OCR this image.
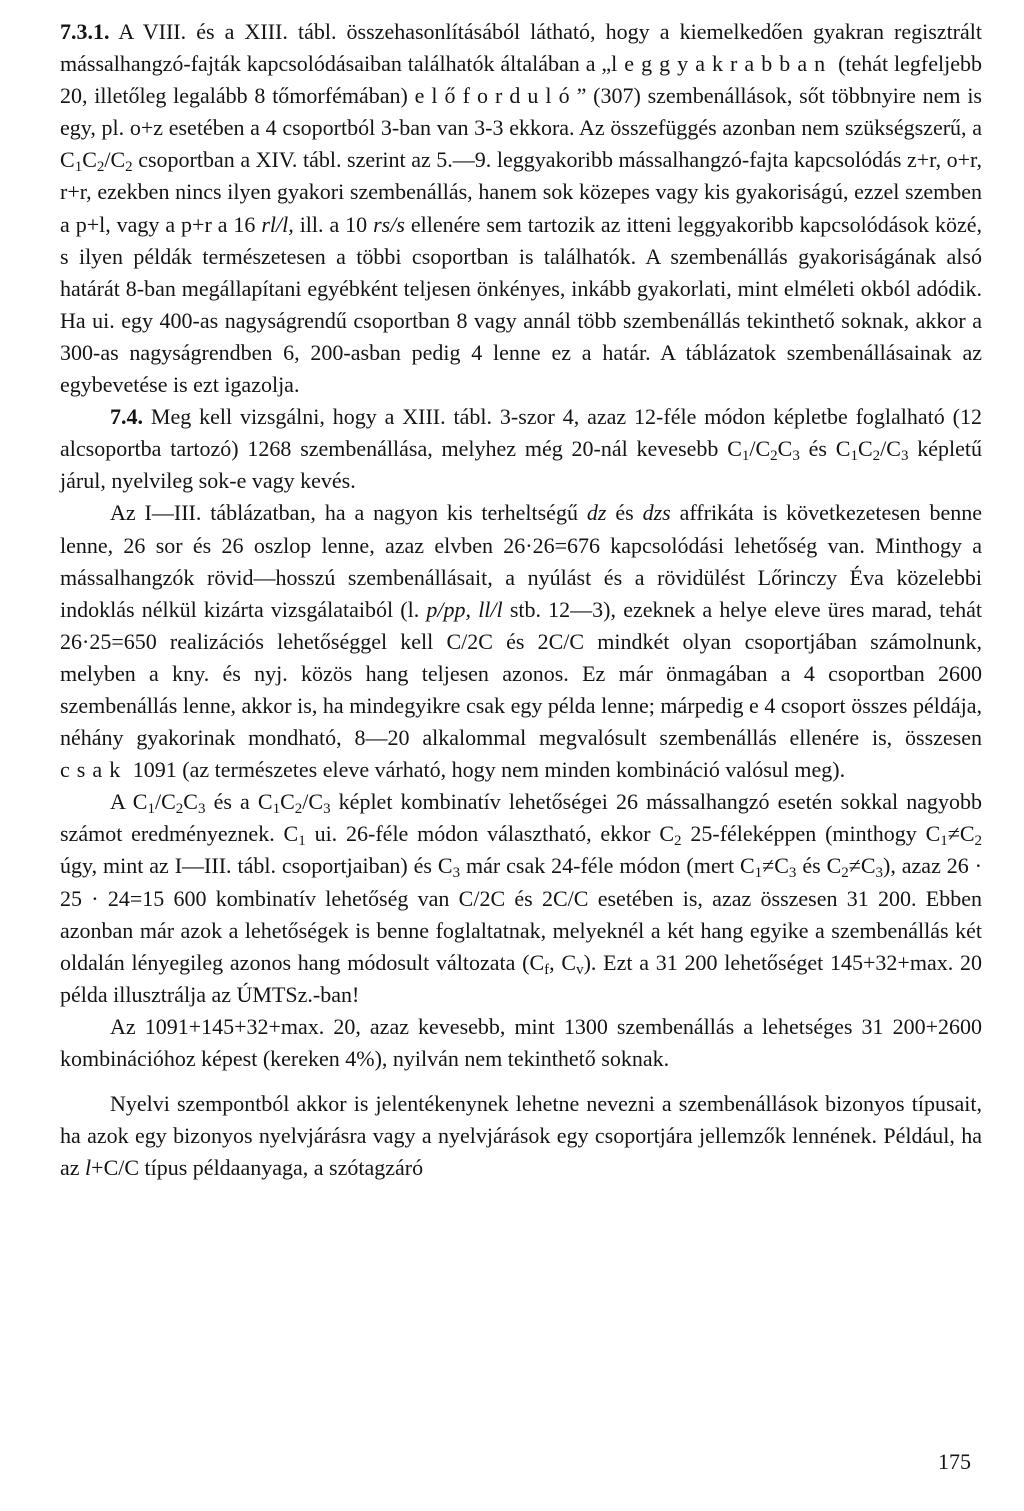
7.3.1. A VIII. és a XIII. tábl. összehasonlításából látható, hogy a kiemelkedően gyakran regisztrált mássalhangzó-fajták kapcsolódásaiban találhatók általában a „leggyakrabban (tehát legfeljebb 20, illetőleg legalább 8 tőmorfémában) előforduló” (307) szembenállások, sőt többnyire nem is egy, pl. o+z esetében a 4 csoportból 3-ban van 3-3 ekkora. Az összefüggés azonban nem szükségszerű, a $C_1C_2/C_2$ csoportban a XIV. tábl. szerint az 5.—9. leggyakoribb mássalhangzó-fajta kapcsolódás z+r, o+r, r+r, ezekben nincs ilyen gyakori szembenállás, hanem sok közepes vagy kis gyakoriságú, ezzel szemben a p+l, vagy a p+r a 16 rl/l, ill. a 10 rs/s ellenére sem tartozik az itteni leggyakoribb kapcsolódások közé, s ilyen példák természetesen a többi csoportban is találhatók. A szembenállás gyakoriságának alsó határát 8-ban megállapítani egyébként teljesen önkényes, inkább gyakorlati, mint elméleti okból adódik. Ha ui. egy 400-as nagyságrendű csoportban 8 vagy annál több szembenállás tekinthető soknak, akkor a 300-as nagyságrendben 6, 200-asban pedig 4 lenne ez a határ. A táblázatok szembenállásainak az egybevetése is ezt igazolja.

7.4. Meg kell vizsgálni, hogy a XIII. tábl. 3-szor 4, azaz 12-féle módon képletbe foglalható (12 alcsoportba tartozó) 1268 szembenállása, melyhez még 20-nál kevesebb $C_1/C_2C_3$ és $C_1C_2/C_3$ képletű járul, nyelvileg sok-e vagy kevés.

Az I—III. táblázatban, ha a nagyon kis terheltségű dz és dzs affrikáta is következetesen benne lenne, 26 sor és 26 oszlop lenne, azaz elvben 26·26=676 kapcsolódási lehetőség van. Minthogy a mássalhangzók rövid—hosszú szembenállásait, a nyúlást és a rövidülést Lőrinczy Éva közelebbi indoklás nélkül kizárta vizsgálataiból (l. p/pp, ll/l stb. 12—3), ezeknek a helye eleve üres marad, tehát 26·25=650 realizációs lehetőséggel kell C/2C és 2C/C mindkét olyan csoportjában számolnunk, melyben a kny. és nyj. közös hang teljesen azonos. Ez már önmagában a 4 csoportban 2600 szembenállás lenne, akkor is, ha mindegyikre csak egy példa lenne; márpedig e 4 csoport összes példája, néhány gyakorinak mondható, 8—20 alkalommal megvalósult szembenállás ellenére is, összesen csak 1091 (az természetes eleve várható, hogy nem minden kombináció valósul meg).

A $C_1/C_2C_3$ és a $C_1C_2/C_3$ képlet kombinatív lehetőségei 26 mássalhangzó esetén sokkal nagyobb számot eredményeznek. $C_1$ ui. 26-féle módon választható, ekkor $C_2$ 25-féleképpen (minthogy $C_1\ne C_2$ úgy, mint az I—III. tábl. csoportjaiban) és $C_3$ már csak 24-féle módon (mert $C_1\ne C_3$ és $C_2\ne C_3$), azaz 26 · 25 · 24=15 600 kombinatív lehetőség van C/2C és 2C/C esetében is, azaz összesen 31 200. Ebben azonban már azok a lehetőségek is benne foglaltatnak, melyeknél a két hang egyike a szembenállás két oldalán lényegileg azonos hang módosult változata ($C_f$, $C_v$). Ezt a 31 200 lehetőséget 145+32+max. 20 példa illusztrálja az ÚMTSz.-ban!

Az 1091+145+32+max. 20, azaz kevesebb, mint 1300 szembenállás a lehetséges 31 200+2600 kombinációhoz képest (kereken 4%), nyilván nem tekinthető soknak.

Nyelvi szempontból akkor is jelentékenynek lehetne nevezni a szembenállások bizonyos típusait, ha azok egy bizonyos nyelvjárásra vagy a nyelvjárások egy csoportjára jellemzők lennének. Például, ha az l+C/C típus példaanyaga, a szótagzáró

175
